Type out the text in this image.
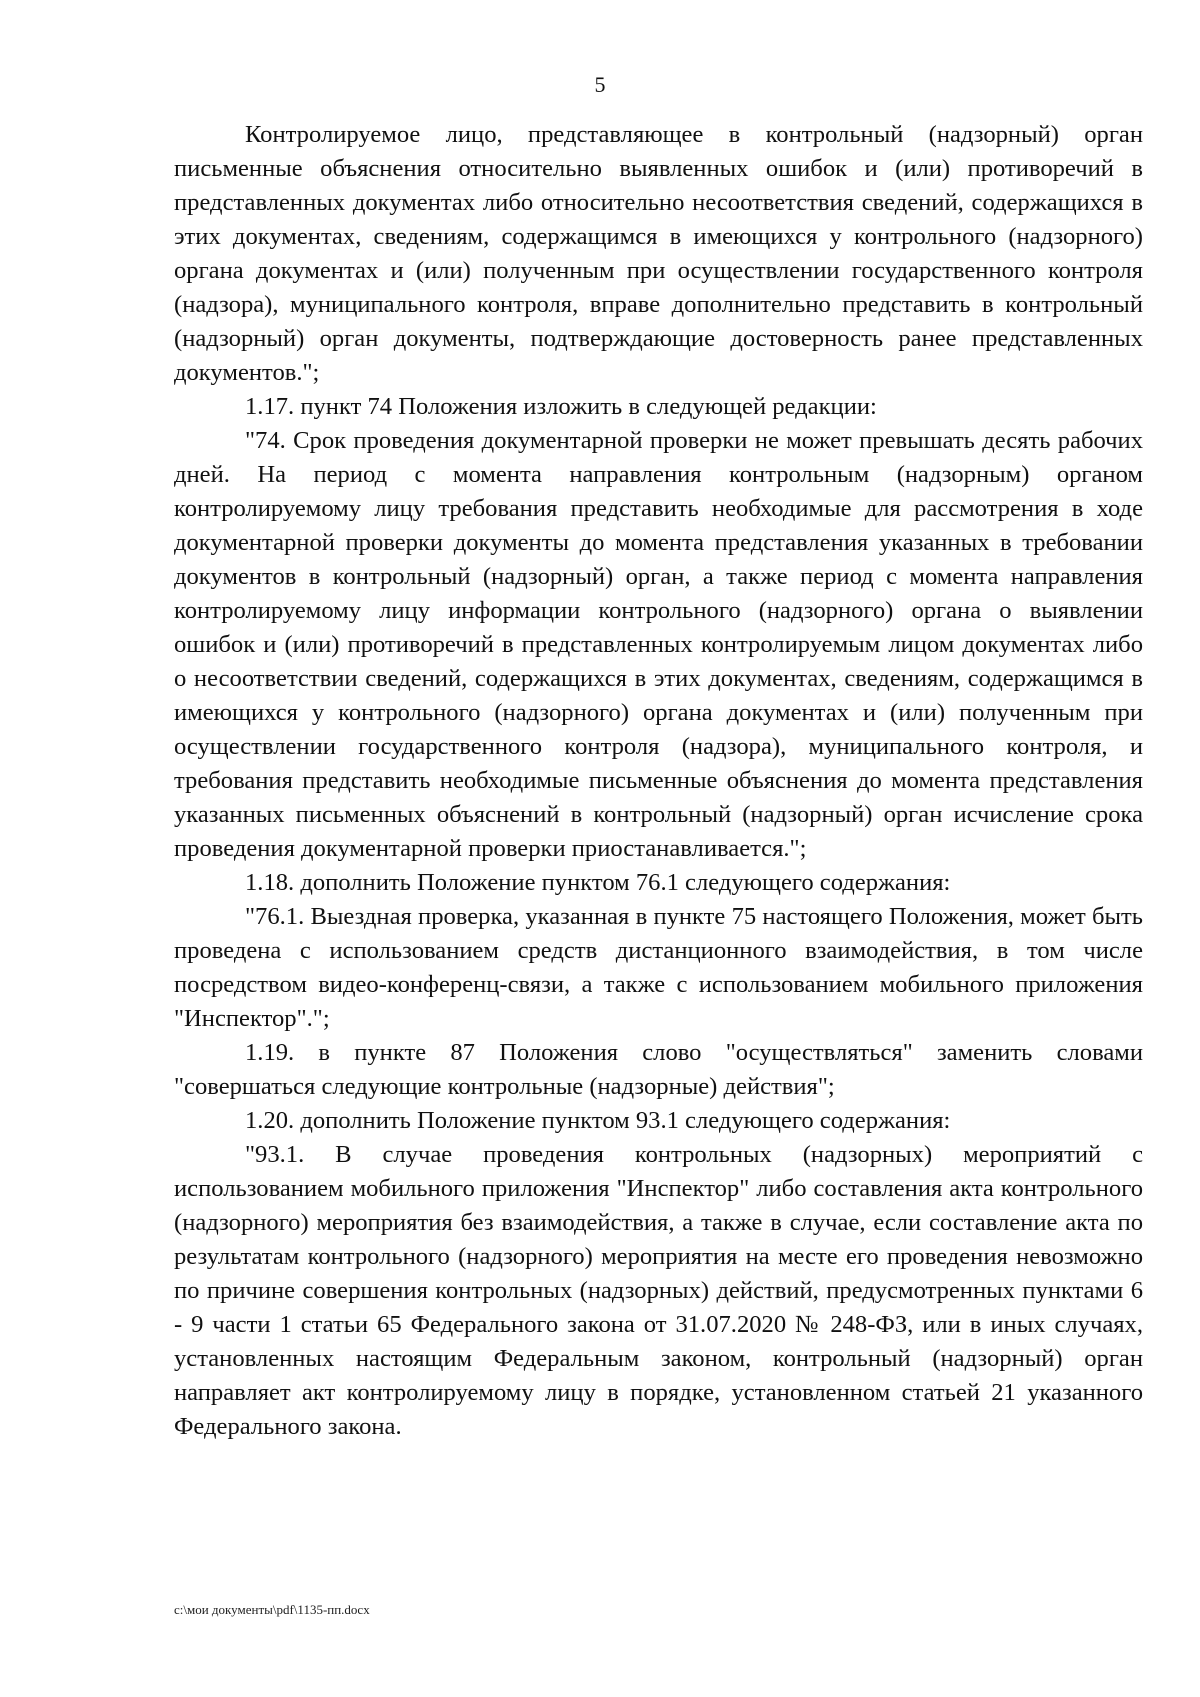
5

Контролируемое лицо, представляющее в контрольный (надзорный) орган письменные объяснения относительно выявленных ошибок и (или) противоречий в представленных документах либо относительно несоответствия сведений, содержащихся в этих документах, сведениям, содержащимся в имеющихся у контрольного (надзорного) органа документах и (или) полученным при осуществлении государственного контроля (надзора), муниципального контроля, вправе дополнительно представить в контрольный (надзорный) орган документы, подтверждающие достоверность ранее представленных документов.";

1.17. пункт 74 Положения изложить в следующей редакции:

"74. Срок проведения документарной проверки не может превышать десять рабочих дней. На период с момента направления контрольным (надзорным) органом контролируемому лицу требования представить необходимые для рассмотрения в ходе документарной проверки документы до момента представления указанных в требовании документов в контрольный (надзорный) орган, а также период с момента направления контролируемому лицу информации контрольного (надзорного) органа о выявлении ошибок и (или) противоречий в представленных контролируемым лицом документах либо о несоответствии сведений, содержащихся в этих документах, сведениям, содержащимся в имеющихся у контрольного (надзорного) органа документах и (или) полученным при осуществлении государственного контроля (надзора), муниципального контроля, и требования представить необходимые письменные объяснения до момента представления указанных письменных объяснений в контрольный (надзорный) орган исчисление срока проведения документарной проверки приостанавливается.";

1.18. дополнить Положение пунктом 76.1 следующего содержания:

"76.1. Выездная проверка, указанная в пункте 75 настоящего Положения, может быть проведена с использованием средств дистанционного взаимодействия, в том числе посредством видео-конференц-связи, а также с использованием мобильного приложения "Инспектор".";

1.19. в пункте 87 Положения слово "осуществляться" заменить словами "совершаться следующие контрольные (надзорные) действия";

1.20. дополнить Положение пунктом 93.1 следующего содержания:

"93.1. В случае проведения контрольных (надзорных) мероприятий с использованием мобильного приложения "Инспектор" либо составления акта контрольного (надзорного) мероприятия без взаимодействия, а также в случае, если составление акта по результатам контрольного (надзорного) мероприятия на месте его проведения невозможно по причине совершения контрольных (надзорных) действий, предусмотренных пунктами 6 - 9 части 1 статьи 65 Федерального закона от 31.07.2020 № 248-ФЗ, или в иных случаях, установленных настоящим Федеральным законом, контрольный (надзорный) орган направляет акт контролируемому лицу в порядке, установленном статьей 21 указанного Федерального закона.

c:\мои документы\pdf\1135-пп.docx
